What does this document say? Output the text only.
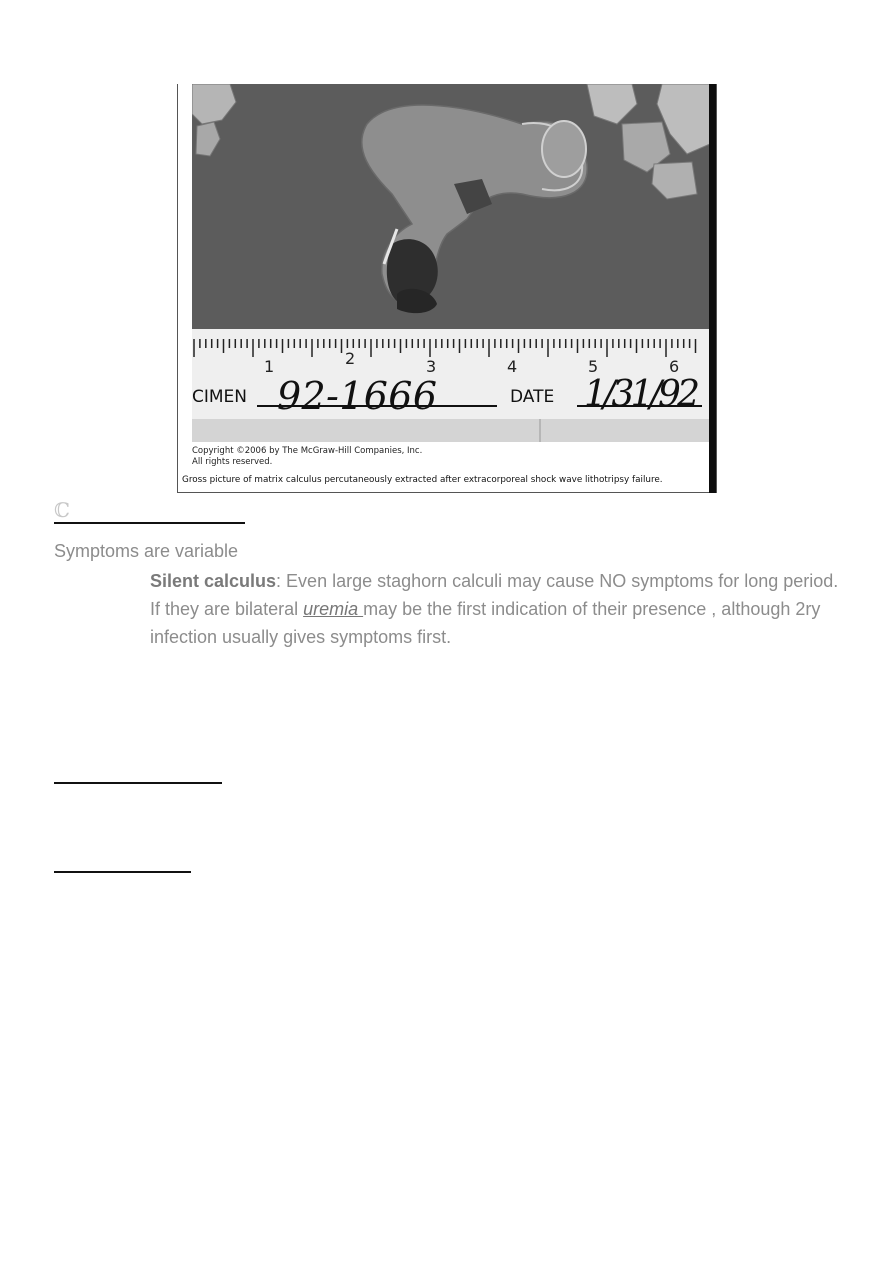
1	2	3	4	5	6
CIMEN 92-1666	DATE 1/31/92
Copyright ©2006 by The McGraw-Hill Companies, Inc.
All rights reserved.
Gross picture of matrix calculus percutaneously extracted after extracorporeal shock wave lithotripsy failure.
ℂ
Symptoms are variable
Silent calculus: Even large staghorn calculi may cause NO symptoms for long period. If they are bilateral uremia may be the first indication of their presence , although 2ry infection usually gives symptoms first.
